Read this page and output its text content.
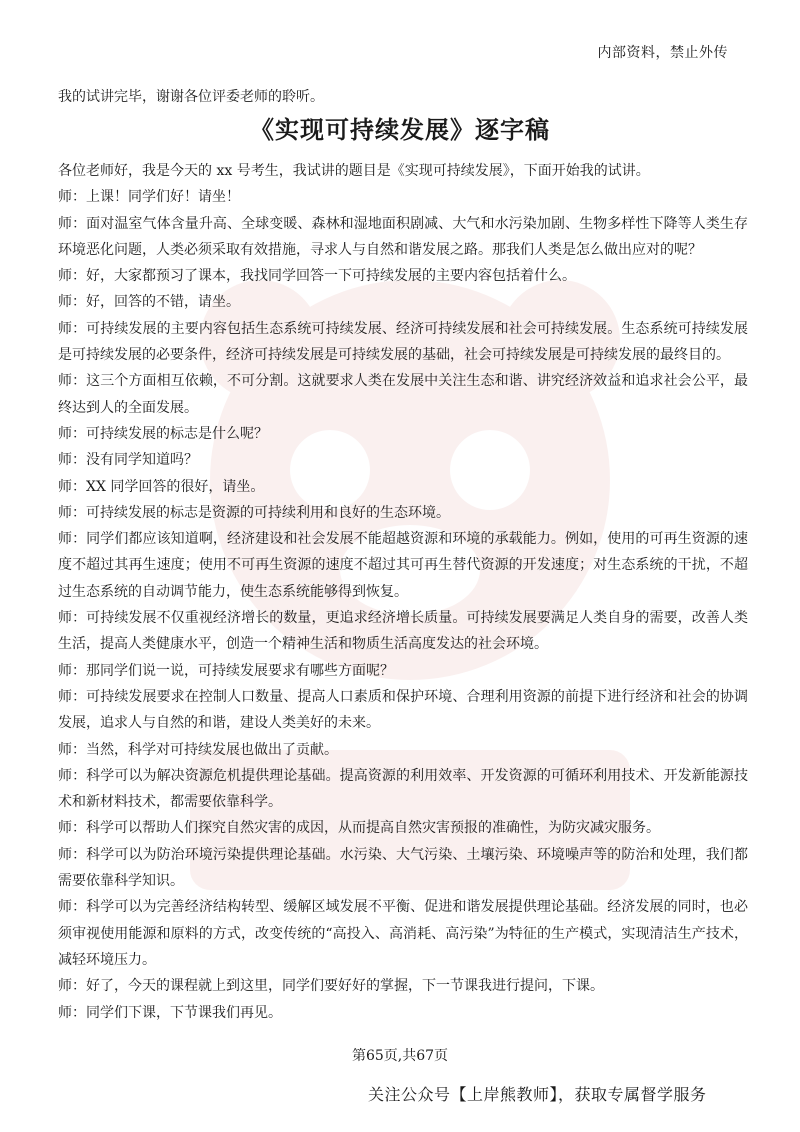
内部资料，禁止外传
我的试讲完毕，谢谢各位评委老师的聆听。
《实现可持续发展》逐字稿

各位老师好，我是今天的 xx 号考生，我试讲的题目是《实现可持续发展》，下面开始我的试讲。

师：上课！同学们好！请坐！

师：面对温室气体含量升高、全球变暖、森林和湿地面积剧减、大气和水污染加剧、生物多样性下降等人类生存环境恶化问题，人类必须采取有效措施，寻求人与自然和谐发展之路。那我们人类是怎么做出应对的呢？

师：好，大家都预习了课本，我找同学回答一下可持续发展的主要内容包括着什么。

师：好，回答的不错，请坐。

师：可持续发展的主要内容包括生态系统可持续发展、经济可持续发展和社会可持续发展。生态系统可持续发展是可持续发展的必要条件，经济可持续发展是可持续发展的基础，社会可持续发展是可持续发展的最终目的。

师：这三个方面相互依赖，不可分割。这就要求人类在发展中关注生态和谐、讲究经济效益和追求社会公平，最终达到人的全面发展。

师：可持续发展的标志是什么呢？

师：没有同学知道吗？

师：XX 同学回答的很好，请坐。

师：可持续发展的标志是资源的可持续利用和良好的生态环境。

师：同学们都应该知道啊，经济建设和社会发展不能超越资源和环境的承载能力。例如，使用的可再生资源的速度不超过其再生速度；使用不可再生资源的速度不超过其可再生替代资源的开发速度；对生态系统的干扰，不超过生态系统的自动调节能力，使生态系统能够得到恢复。

师：可持续发展不仅重视经济增长的数量，更追求经济增长质量。可持续发展要满足人类自身的需要，改善人类生活，提高人类健康水平，创造一个精神生活和物质生活高度发达的社会环境。

师：那同学们说一说，可持续发展要求有哪些方面呢？

师：可持续发展要求在控制人口数量、提高人口素质和保护环境、合理利用资源的前提下进行经济和社会的协调发展，追求人与自然的和谐，建设人类美好的未来。

师：当然，科学对可持续发展也做出了贡献。

师：科学可以为解决资源危机提供理论基础。提高资源的利用效率、开发资源的可循环利用技术、开发新能源技术和新材料技术，都需要依靠科学。

师：科学可以帮助人们探究自然灾害的成因，从而提高自然灾害预报的准确性，为防灾减灾服务。

师：科学可以为防治环境污染提供理论基础。水污染、大气污染、土壤污染、环境噪声等的防治和处理，我们都需要依靠科学知识。

师：科学可以为完善经济结构转型、缓解区域发展不平衡、促进和谐发展提供理论基础。经济发展的同时，也必须审视使用能源和原料的方式，改变传统的“高投入、高消耗、高污染”为特征的生产模式，实现清洁生产技术，减轻环境压力。

师：好了，今天的课程就上到这里，同学们要好好的掌握，下一节课我进行提问，下课。

师：同学们下课，下节课我们再见。

第65页,共67页
关注公众号【上岸熊教师】，获取专属督学服务
